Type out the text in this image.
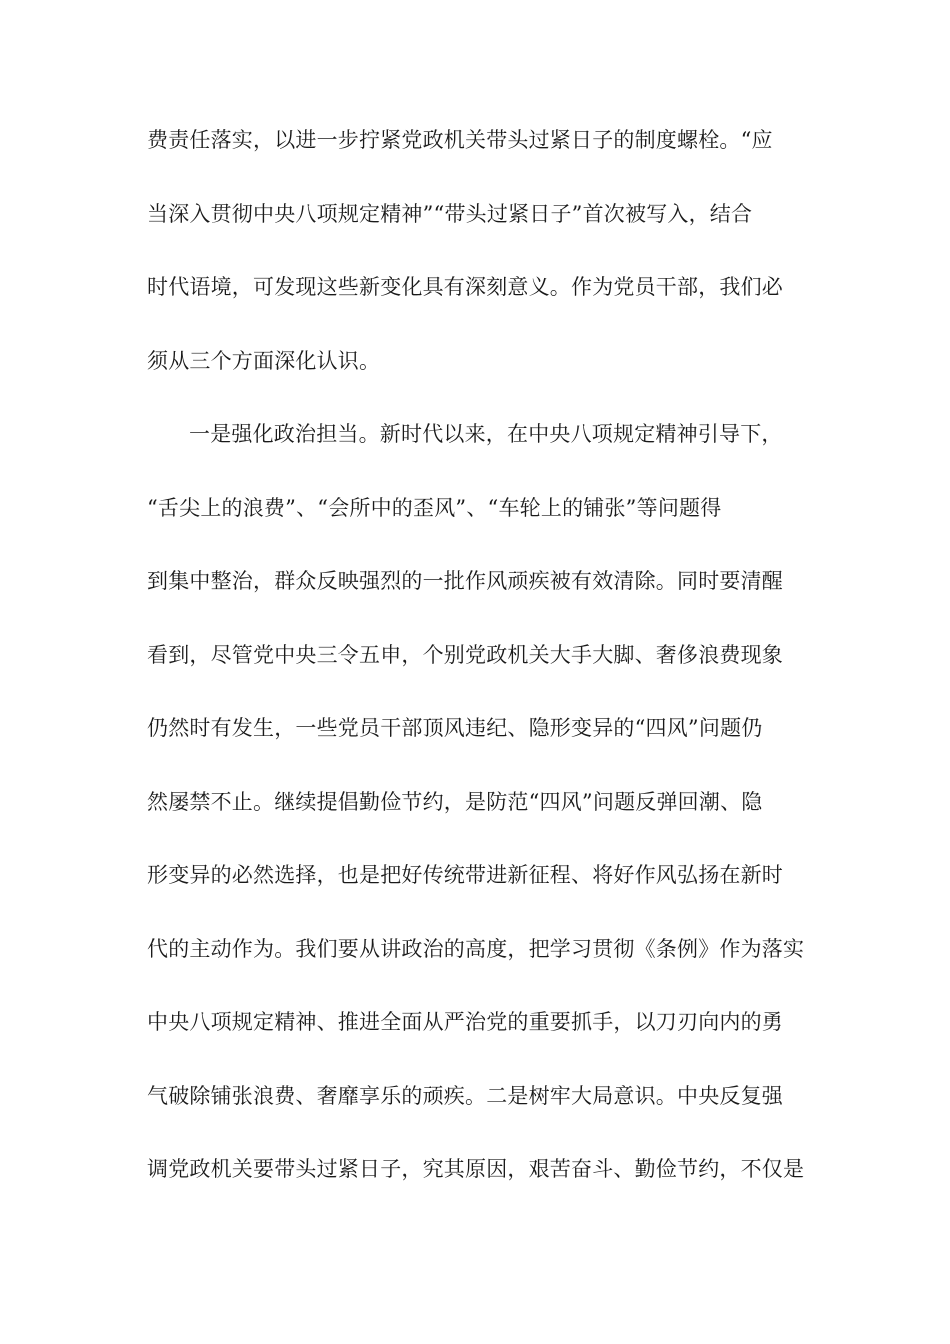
费责任落实，以进一步拧紧党政机关带头过紧日子的制度螺栓。“应
当深入贯彻中央八项规定精神”“带头过紧日子”首次被写入，结合
时代语境，可发现这些新变化具有深刻意义。作为党员干部，我们必
须从三个方面深化认识。
一是强化政治担当。新时代以来，在中央八项规定精神引导下，
“舌尖上的浪费”、“会所中的歪风”、“车轮上的铺张”等问题得
到集中整治，群众反映强烈的一批作风顽疾被有效清除。同时要清醒
看到，尽管党中央三令五申，个别党政机关大手大脚、奢侈浪费现象
仍然时有发生，一些党员干部顶风违纪、隐形变异的“四风”问题仍
然屡禁不止。继续提倡勤俭节约，是防范“四风”问题反弹回潮、隐
形变异的必然选择，也是把好传统带进新征程、将好作风弘扬在新时
代的主动作为。我们要从讲政治的高度，把学习贯彻《条例》作为落实
中央八项规定精神、推进全面从严治党的重要抓手，以刀刃向内的勇
气破除铺张浪费、奢靡享乐的顽疾。二是树牢大局意识。中央反复强
调党政机关要带头过紧日子，究其原因，艰苦奋斗、勤俭节约，不仅是
